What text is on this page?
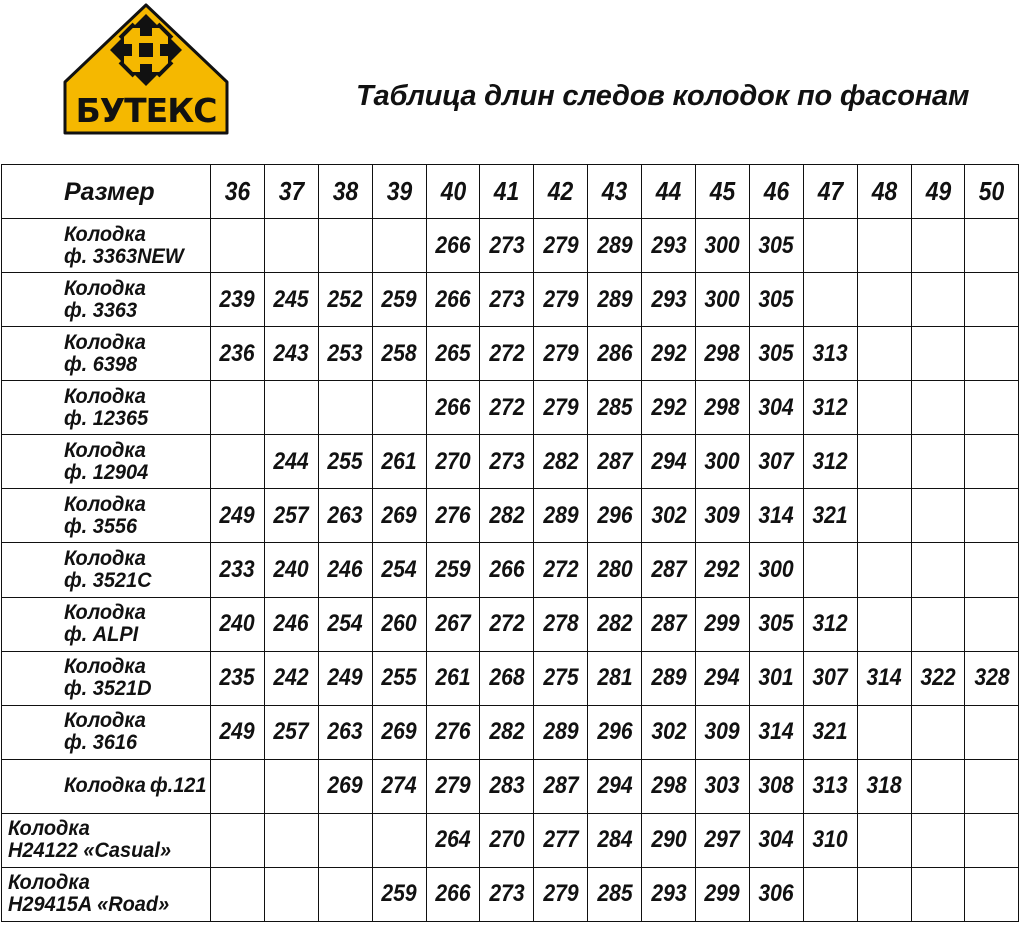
БУТЕКС	Таблица длин следов колодок по фасонам
Размер	36	37	38	39	40	41	42	43	44	45	46	47	48	49	50
Колодкаф. 3363NEW					266	273	279	289	293	300	305				
Колодкаф. 3363	239	245	252	259	266	273	279	289	293	300	305				
Колодкаф. 6398	236	243	253	258	265	272	279	286	292	298	305	313			
Колодкаф. 12365					266	272	279	285	292	298	304	312			
Колодкаф. 12904		244	255	261	270	273	282	287	294	300	307	312			
Колодкаф. 3556	249	257	263	269	276	282	289	296	302	309	314	321			
Колодкаф. 3521C	233	240	246	254	259	266	272	280	287	292	300				
Колодкаф. ALPI	240	246	254	260	267	272	278	282	287	299	305	312			
Колодкаф. 3521D	235	242	249	255	261	268	275	281	289	294	301	307	314	322	328
Колодкаф. 3616	249	257	263	269	276	282	289	296	302	309	314	321			
Колодка ф.121			269	274	279	283	287	294	298	303	308	313	318		
КолодкаH24122 «Casual»					264	270	277	284	290	297	304	310			
КолодкаH29415A «Road»				259	266	273	279	285	293	299	306				
